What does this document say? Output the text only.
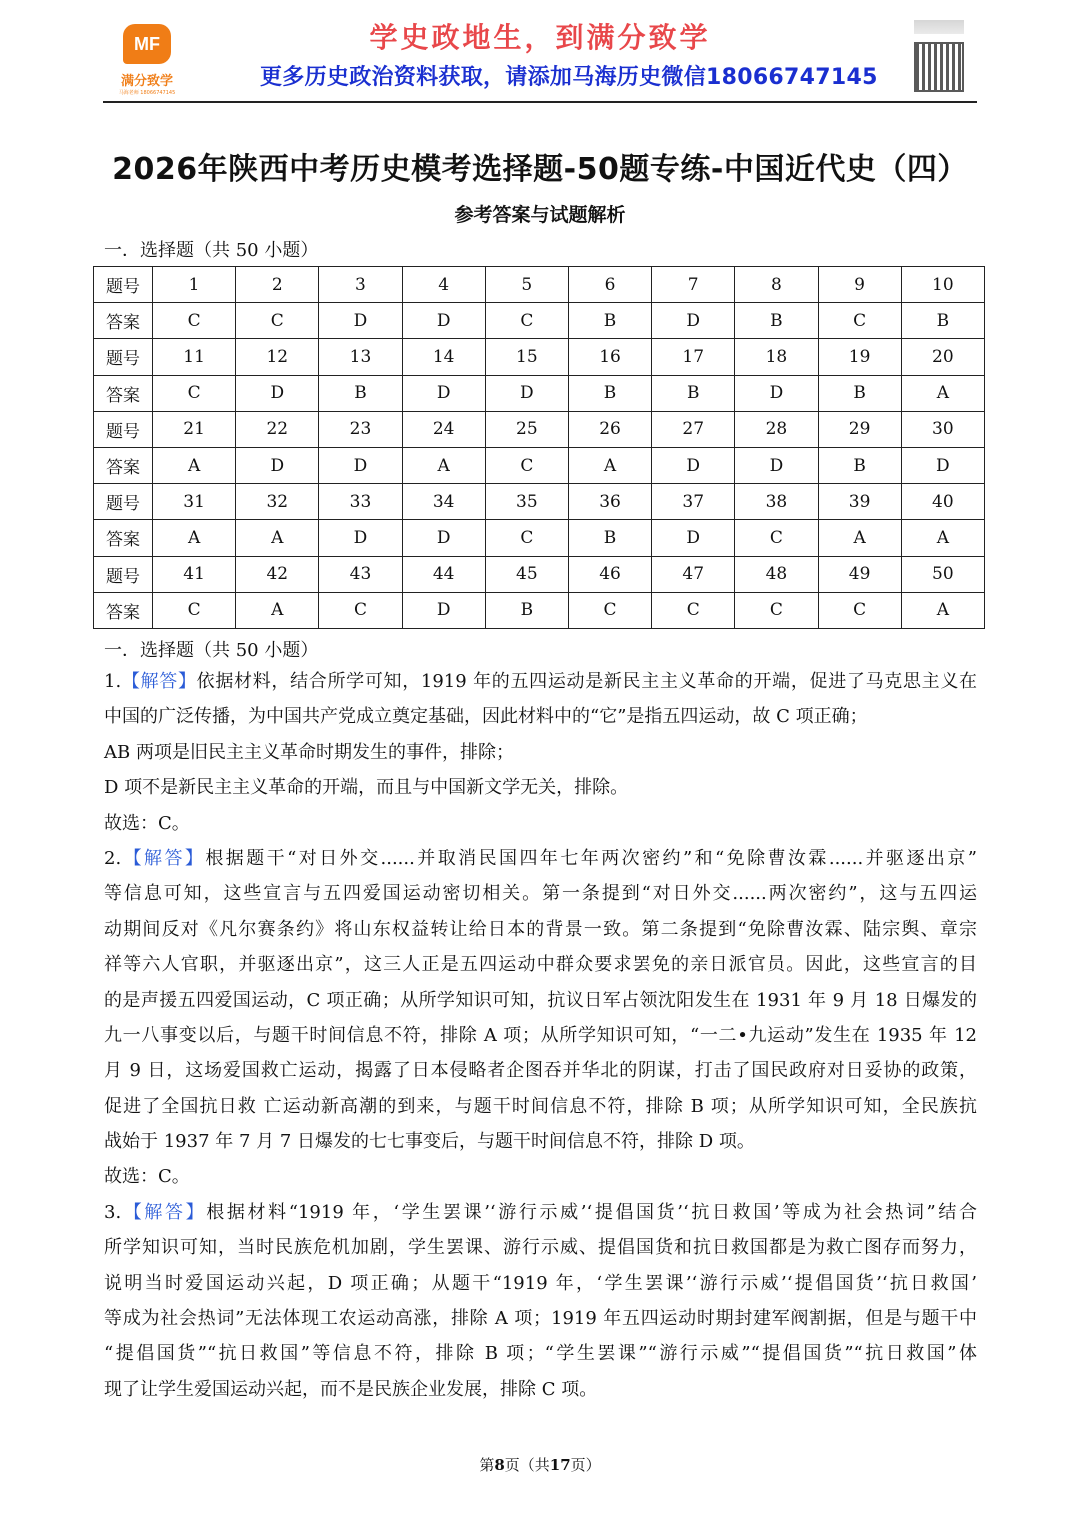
MF
满分致学
马海老师 18066747145
学史政地生，到满分致学
更多历史政治资料获取，请添加马海历史微信18066747145
2026年陕西中考历史模考选择题-50题专练-中国近代史（四）
参考答案与试题解析
一．选择题（共 50 小题）
题号	1	2	3	4	5	6	7	8	9	10
答案	C	C	D	D	C	B	D	B	C	B
题号	11	12	13	14	15	16	17	18	19	20
答案	C	D	B	D	D	B	B	D	B	A
题号	21	22	23	24	25	26	27	28	29	30
答案	A	D	D	A	C	A	D	D	B	D
题号	31	32	33	34	35	36	37	38	39	40
答案	A	A	D	D	C	B	D	C	A	A
题号	41	42	43	44	45	46	47	48	49	50
答案	C	A	C	D	B	C	C	C	C	A
一．选择题（共 50 小题）
1.【解答】依据材料，结合所学可知，1919 年的五四运动是新民主主义革命的开端，促进了马克思主义在
中国的广泛传播，为中国共产党成立奠定基础，因此材料中的“它”是指五四运动，故 C 项正确；
AB 两项是旧民主主义革命时期发生的事件，排除；
D 项不是新民主主义革命的开端，而且与中国新文学无关，排除。
故选：C。
2.【解答】根据题干“对日外交......并取消民国四年七年两次密约”和“免除曹汝霖......并驱逐出京”
等信息可知，这些宣言与五四爱国运动密切相关。第一条提到“对日外交......两次密约”，这与五四运
动期间反对《凡尔赛条约》将山东权益转让给日本的背景一致。第二条提到“免除曹汝霖、陆宗舆、章宗
祥等六人官职，并驱逐出京”，这三人正是五四运动中群众要求罢免的亲日派官员。因此，这些宣言的目
的是声援五四爱国运动，C 项正确；从所学知识可知，抗议日军占领沈阳发生在 1931 年 9 月 18 日爆发的
九一八事变以后，与题干时间信息不符，排除 A 项；从所学知识可知，“一二•九运动”发生在 1935 年 12
月 9 日，这场爱国救亡运动，揭露了日本侵略者企图吞并华北的阴谋，打击了国民政府对日妥协的政策，
促进了全国抗日救 亡运动新高潮的到来，与题干时间信息不符，排除 B 项；从所学知识可知，全民族抗
战始于 1937 年 7 月 7 日爆发的七七事变后，与题干时间信息不符，排除 D 项。
故选：C。
3.【解答】根据材料“1919 年，‘学生罢课’‘游行示威’‘提倡国货’‘抗日救国’等成为社会热词”结合
所学知识可知，当时民族危机加剧，学生罢课、游行示威、提倡国货和抗日救国都是为救亡图存而努力，
说明当时爱国运动兴起，D 项正确；从题干“1919 年，‘学生罢课’‘游行示威’‘提倡国货’‘抗日救国’
等成为社会热词”无法体现工农运动高涨，排除 A 项；1919 年五四运动时期封建军阀割据，但是与题干中
“提倡国货”“抗日救国”等信息不符，排除 B 项；“学生罢课”“游行示威”“提倡国货”“抗日救国”体
现了让学生爱国运动兴起，而不是民族企业发展，排除 C 项。
第8页（共17页）
